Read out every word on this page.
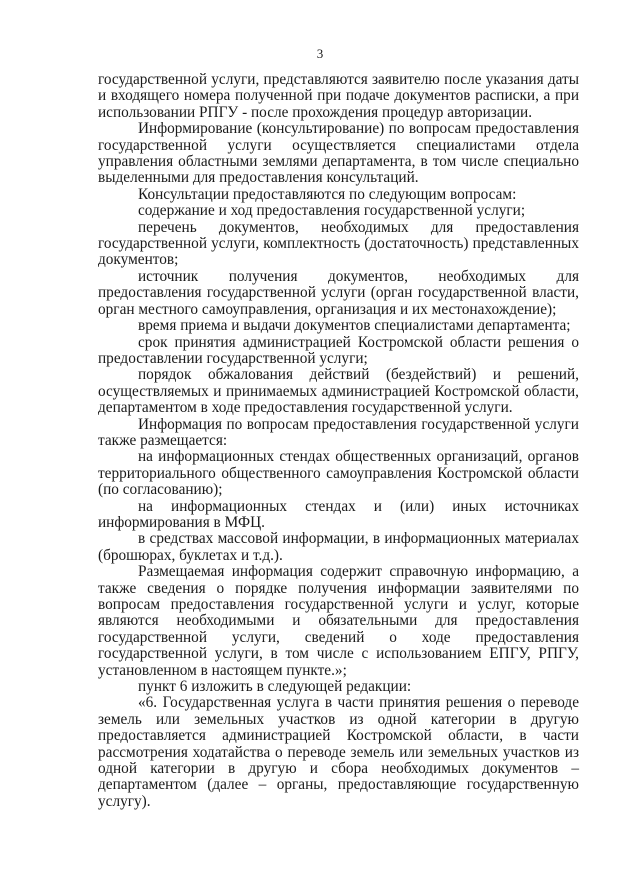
3

государственной услуги, представляются заявителю после указания даты и входящего номера полученной при подаче документов расписки, а при использовании РПГУ - после прохождения процедур авторизации.

Информирование (консультирование) по вопросам предоставления государственной услуги осуществляется специалистами отдела управления областными землями департамента, в том числе специально выделенными для предоставления консультаций.

Консультации предоставляются по следующим вопросам:

содержание и ход предоставления государственной услуги;

перечень документов, необходимых для предоставления государственной услуги, комплектность (достаточность) представленных документов;

источник получения документов, необходимых для предоставления государственной услуги (орган государственной власти, орган местного самоуправления, организация и их местонахождение);

время приема и выдачи документов специалистами департамента;

срок принятия администрацией Костромской области решения о предоставлении государственной услуги;

порядок обжалования действий (бездействий) и решений, осуществляемых и принимаемых администрацией Костромской области, департаментом в ходе предоставления государственной услуги.

Информация по вопросам предоставления государственной услуги также размещается:

на информационных стендах общественных организаций, органов территориального общественного самоуправления Костромской области (по согласованию);

на информационных стендах и (или) иных источниках информирования в МФЦ.

в средствах массовой информации, в информационных материалах (брошюрах, буклетах и т.д.).

Размещаемая информация содержит справочную информацию, а также сведения о порядке получения информации заявителями по вопросам предоставления государственной услуги и услуг, которые являются необходимыми и обязательными для предоставления государственной услуги, сведений о ходе предоставления государственной услуги, в том числе с использованием ЕПГУ, РПГУ, установленном в настоящем пункте.»;

пункт 6 изложить в следующей редакции:

«6. Государственная услуга в части принятия решения о переводе земель или земельных участков из одной категории в другую предоставляется администрацией Костромской области, в части рассмотрения ходатайства о переводе земель или земельных участков из одной категории в другую и сбора необходимых документов – департаментом (далее – органы, предоставляющие государственную услугу).
